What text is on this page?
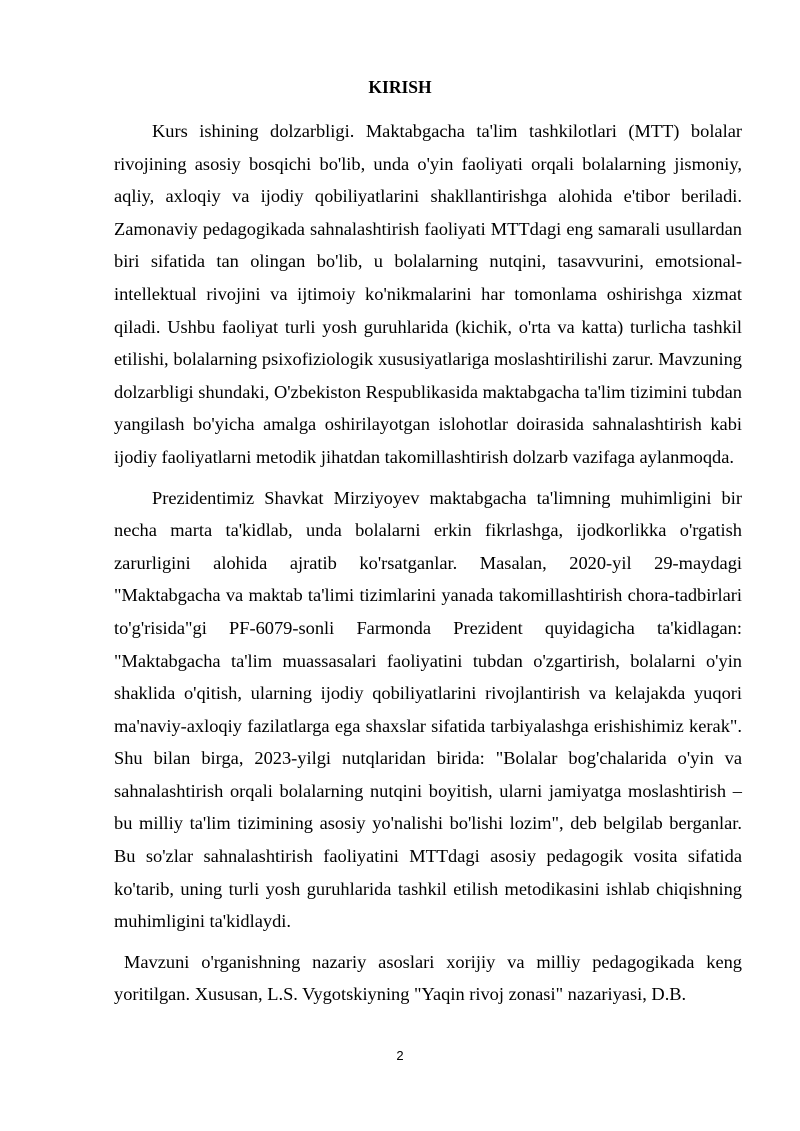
KIRISH

Kurs ishining dolzarbligi. Maktabgacha ta'lim tashkilotlari (MTT) bolalar rivojining asosiy bosqichi bo'lib, unda o'yin faoliyati orqali bolalarning jismoniy, aqliy, axloqiy va ijodiy qobiliyatlarini shakllantirishga alohida e'tibor beriladi. Zamonaviy pedagogikada sahnalashtirish faoliyati MTTdagi eng samarali usullardan biri sifatida tan olingan bo'lib, u bolalarning nutqini, tasavvurini, emotsional-intellektual rivojini va ijtimoiy ko'nikmalarini har tomonlama oshirishga xizmat qiladi. Ushbu faoliyat turli yosh guruhlarida (kichik, o'rta va katta) turlicha tashkil etilishi, bolalarning psixofiziologik xususiyatlariga moslashtirilishi zarur. Mavzuning dolzarbligi shundaki, O'zbekiston Respublikasida maktabgacha ta'lim tizimini tubdan yangilash bo'yicha amalga oshirilayotgan islohotlar doirasida sahnalashtirish kabi ijodiy faoliyatlarni metodik jihatdan takomillashtirish dolzarb vazifaga aylanmoqda.

Prezidentimiz Shavkat Mirziyoyev maktabgacha ta'limning muhimligini bir necha marta ta'kidlab, unda bolalarni erkin fikrlashga, ijodkorlikka o'rgatish zarurligini alohida ajratib ko'rsatganlar. Masalan, 2020-yil 29-maydagi "Maktabgacha va maktab ta'limi tizimlarini yanada takomillashtirish chora-tadbirlari to'g'risida"gi PF-6079-sonli Farmonda Prezident quyidagicha ta'kidlagan: "Maktabgacha ta'lim muassasalari faoliyatini tubdan o'zgartirish, bolalarni o'yin shaklida o'qitish, ularning ijodiy qobiliyatlarini rivojlantirish va kelajakda yuqori ma'naviy-axloqiy fazilatlarga ega shaxslar sifatida tarbiyalashga erishishimiz kerak". Shu bilan birga, 2023-yilgi nutqlaridan birida: "Bolalar bog'chalarida o'yin va sahnalashtirish orqali bolalarning nutqini boyitish, ularni jamiyatga moslashtirish – bu milliy ta'lim tizimining asosiy yo'nalishi bo'lishi lozim", deb belgilab berganlar. Bu so'zlar sahnalashtirish faoliyatini MTTdagi asosiy pedagogik vosita sifatida ko'tarib, uning turli yosh guruhlarida tashkil etilish metodikasini ishlab chiqishning muhimligini ta'kidlaydi.

Mavzuni o'rganishning nazariy asoslari xorijiy va milliy pedagogikada keng yoritilgan. Xususan, L.S. Vygotskiyning "Yaqin rivoj zonasi" nazariyasi, D.B.

2
